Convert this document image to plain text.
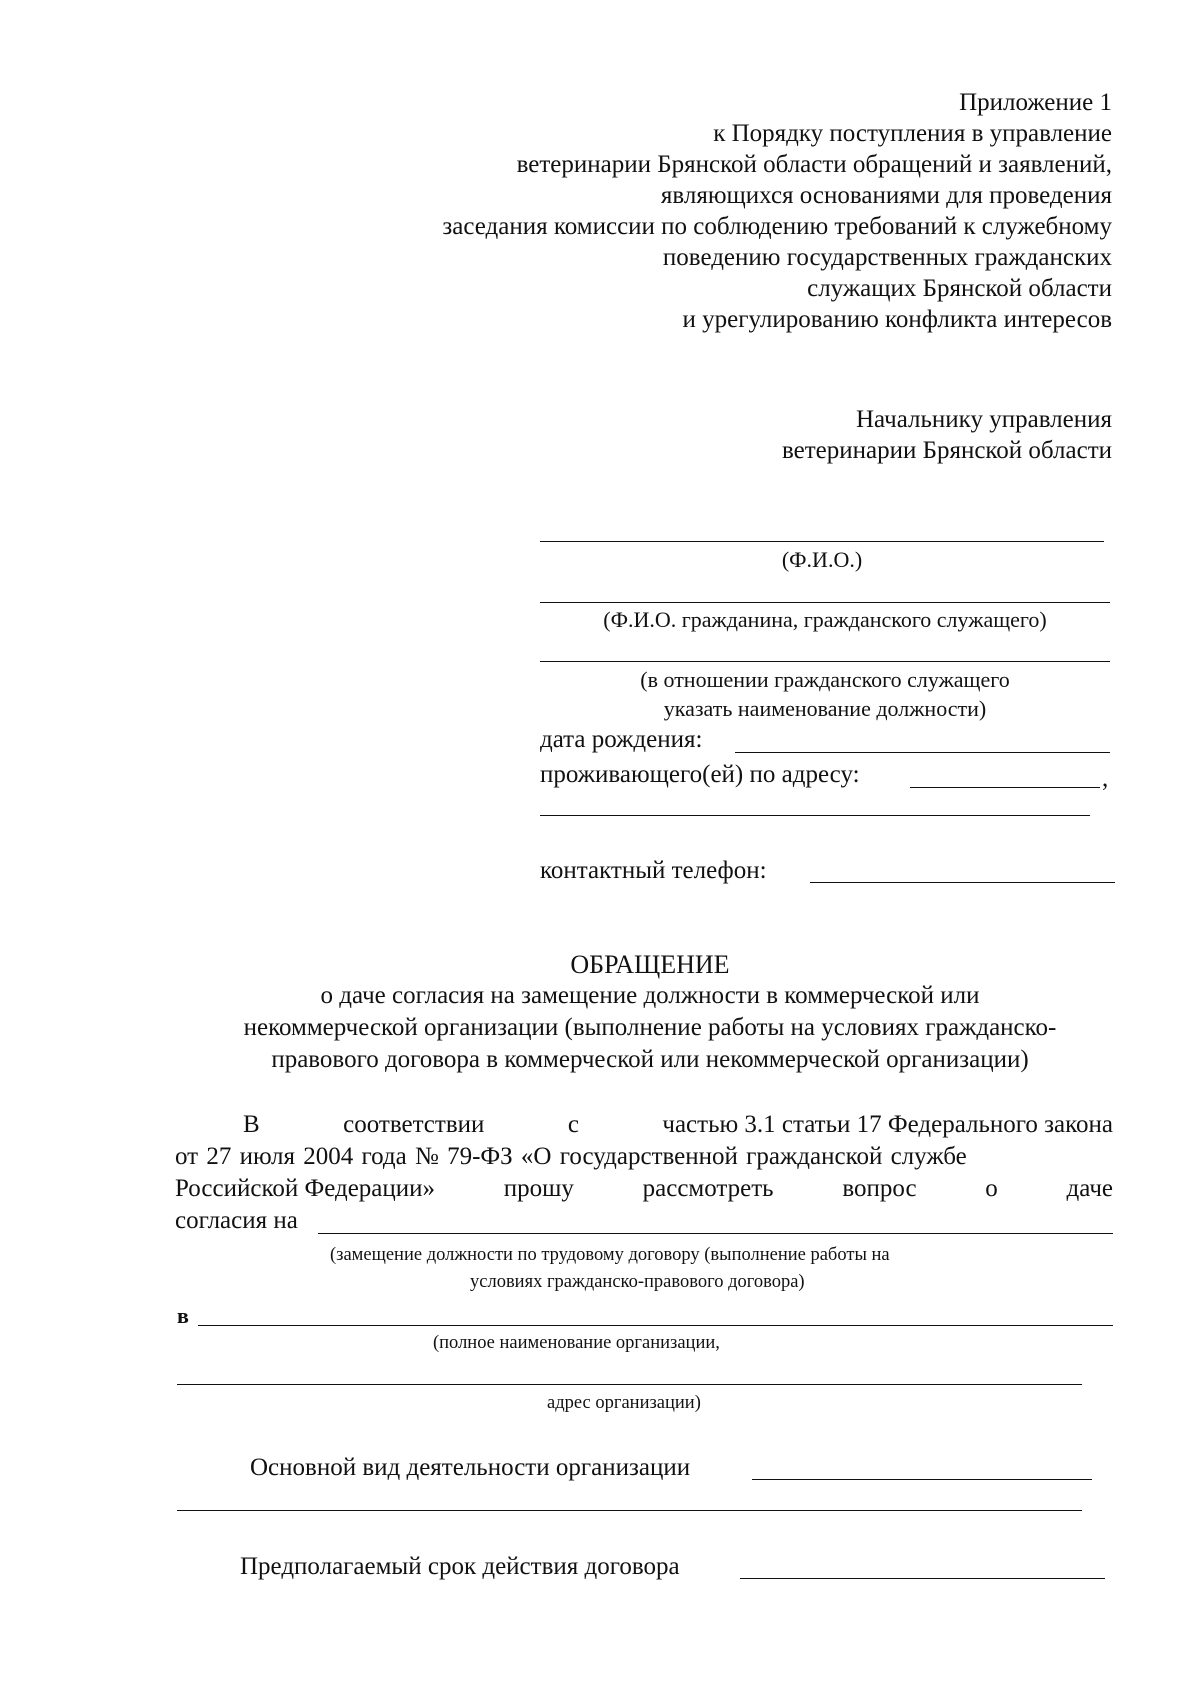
Приложение 1
к Порядку поступления в управление
ветеринарии Брянской области обращений и заявлений,
являющихся основаниями для проведения
заседания комиссии по соблюдению требований к служебному
поведению государственных гражданских
служащих Брянской области
и урегулированию конфликта интересов
Начальнику управления
ветеринарии Брянской области
(Ф.И.О.)
(Ф.И.О. гражданина, гражданского служащего)
(в отношении гражданского служащего
указать наименование должности)
дата рождения:
проживающего(ей) по адресу:	,
контактный телефон:
ОБРАЩЕНИЕ
о даче согласия на замещение должности в коммерческой или
некоммерческой организации (выполнение работы на условиях гражданско-
правового договора в коммерческой или некоммерческой организации)
В	соответствии	с	частью 3.1 статьи 17 Федерального закона
от 27 июля 2004 года № 79-ФЗ «О государственной гражданской службе
Российской Федерации»	прошу	рассмотреть	вопрос	о	даче
согласия на
(замещение должности по трудовому договору (выполнение работы на
условиях гражданско-правового договора)
в
(полное наименование организации,
адрес организации)
Основной вид деятельности организации
Предполагаемый срок действия договора
